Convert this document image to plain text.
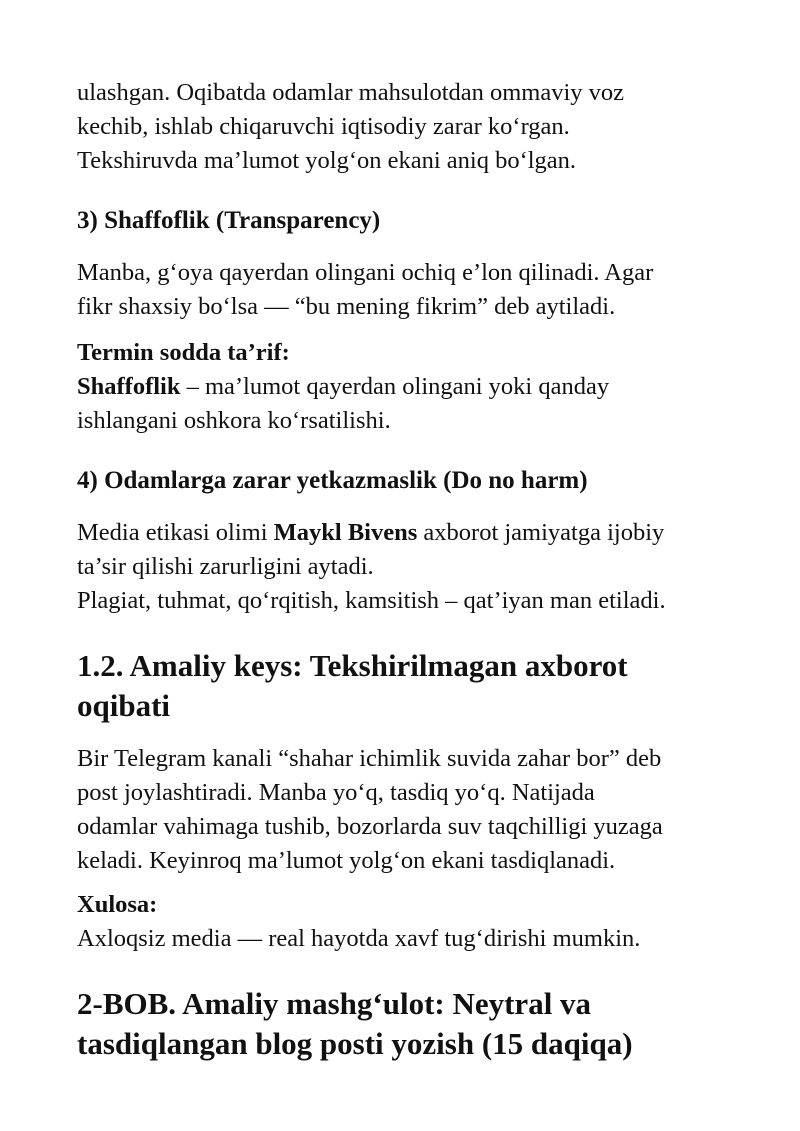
ulashgan. Oqibatda odamlar mahsulotdan ommaviy voz
kechib, ishlab chiqaruvchi iqtisodiy zarar ko‘rgan.
Tekshiruvda ma’lumot yolg‘on ekani aniq bo‘lgan.

3) Shaffoflik (Transparency)

Manba, g‘oya qayerdan olingani ochiq e’lon qilinadi. Agar
fikr shaxsiy bo‘lsa — “bu mening fikrim” deb aytiladi.

Termin sodda ta’rif:
Shaffoflik – ma’lumot qayerdan olingani yoki qanday
ishlangani oshkora ko‘rsatilishi.

4) Odamlarga zarar yetkazmaslik (Do no harm)

Media etikasi olimi Maykl Bivens axborot jamiyatga ijobiy
ta’sir qilishi zarurligini aytadi.
Plagiat, tuhmat, qo‘rqitish, kamsitish – qat’iyan man etiladi.

1.2. Amaliy keys: Tekshirilmagan axborot
oqibati

Bir Telegram kanali “shahar ichimlik suvida zahar bor” deb
post joylashtiradi. Manba yo‘q, tasdiq yo‘q. Natijada
odamlar vahimaga tushib, bozorlarda suv taqchilligi yuzaga
keladi. Keyinroq ma’lumot yolg‘on ekani tasdiqlanadi.

Xulosa:
Axloqsiz media — real hayotda xavf tug‘dirishi mumkin.

2-BOB. Amaliy mashg‘ulot: Neytral va
tasdiqlangan blog posti yozish (15 daqiqa)
